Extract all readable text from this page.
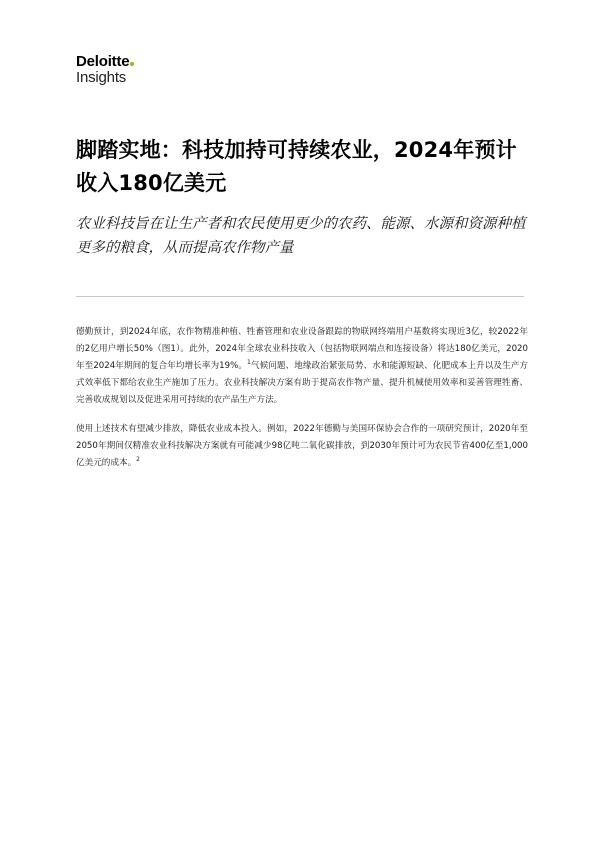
Deloitte
Insights
脚踏实地：科技加持可持续农业，2024年预计收入180亿美元

农业科技旨在让生产者和农民使用更少的农药、能源、水源和资源种植更多的粮食，从而提高农作物产量

德勤预计，到2024年底，农作物精准种植、牲畜管理和农业设备跟踪的物联网终端用户基数将实现近3亿，较2022年的2亿用户增长50%（图1）。此外，2024年全球农业科技收入（包括物联网端点和连接设备）将达180亿美元，2020年至2024年期间的复合年均增长率为19%。$^1$气候问题、地缘政治紧张局势、水和能源短缺、化肥成本上升以及生产方式效率低下都给农业生产施加了压力。农业科技解决方案有助于提高农作物产量、提升机械使用效率和妥善管理牲畜、完善收成规划以及促进采用可持续的农产品生产方法。

使用上述技术有望减少排放，降低农业成本投入。例如，2022年德勤与美国环保协会合作的一项研究预计，2020年至2050年期间仅精准农业科技解决方案就有可能减少98亿吨二氧化碳排放，到2030年预计可为农民节省400亿至1,000亿美元的成本。$^2$
